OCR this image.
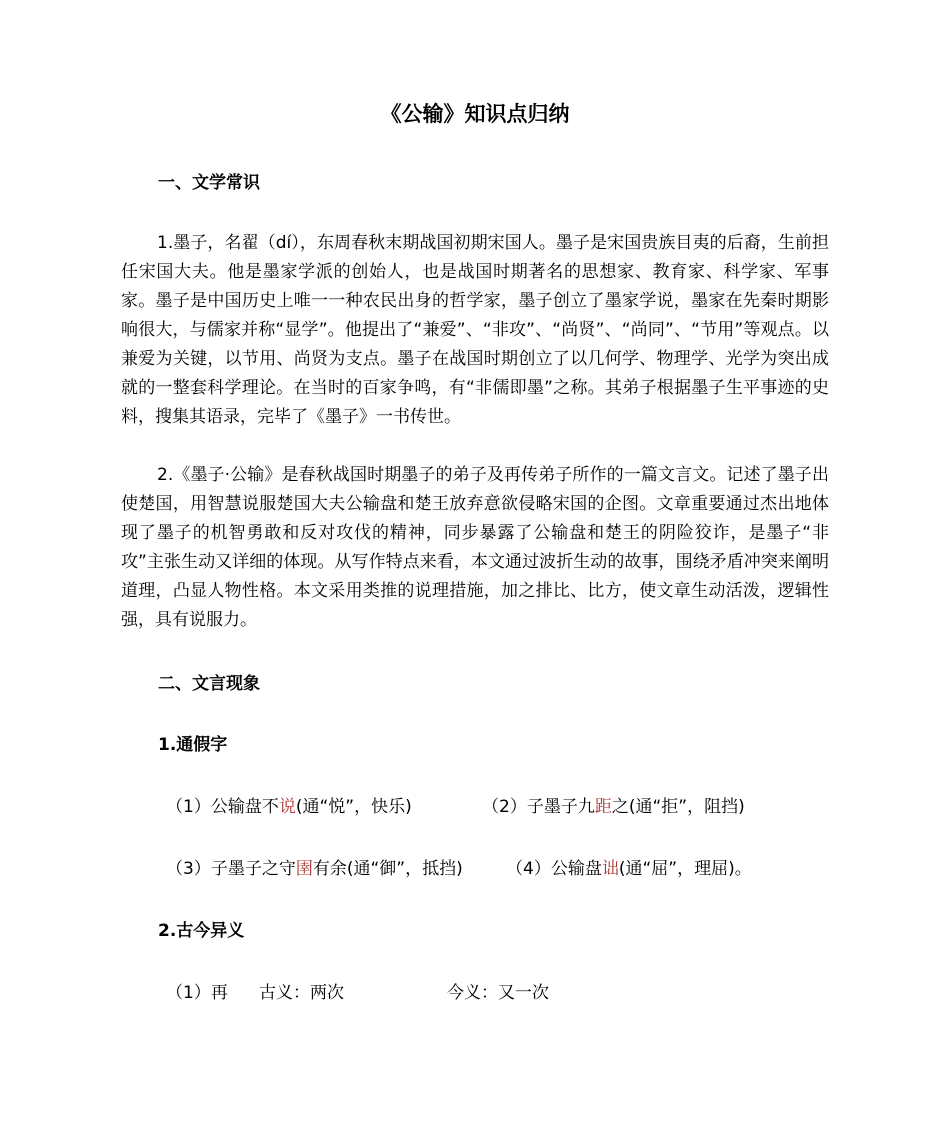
《公输》知识点归纳
一、文学常识
1.墨子，名翟（dí），东周春秋末期战国初期宋国人。墨子是宋国贵族目夷的后裔，生前担任宋国大夫。他是墨家学派的创始人，也是战国时期著名的思想家、教育家、科学家、军事家。墨子是中国历史上唯一一种农民出身的哲学家，墨子创立了墨家学说，墨家在先秦时期影响很大，与儒家并称“显学”。他提出了“兼爱”、“非攻”、“尚贤”、“尚同”、“节用”等观点。以兼爱为关键，以节用、尚贤为支点。墨子在战国时期创立了以几何学、物理学、光学为突出成就的一整套科学理论。在当时的百家争鸣，有“非儒即墨”之称。其弟子根据墨子生平事迹的史料，搜集其语录，完毕了《墨子》一书传世。
2.《墨子·公输》是春秋战国时期墨子的弟子及再传弟子所作的一篇文言文。记述了墨子出使楚国，用智慧说服楚国大夫公输盘和楚王放弃意欲侵略宋国的企图。文章重要通过杰出地体现了墨子的机智勇敢和反对攻伐的精神，同步暴露了公输盘和楚王的阴险狡诈，是墨子“非攻”主张生动又详细的体现。从写作特点来看，本文通过波折生动的故事，围绕矛盾冲突来阐明道理，凸显人物性格。本文采用类推的说理措施，加之排比、比方，使文章生动活泼，逻辑性强，具有说服力。
二、文言现象
1.通假字
（1）公输盘不说(通“悦”，快乐)	（2）子墨子九距之(通“拒”，阻挡)
（3）子墨子之守圉有余(通“御”，抵挡)	（4）公输盘诎(通“屈”，理屈)。
2.古今异义
（1）再 古义：两次	今义：又一次
